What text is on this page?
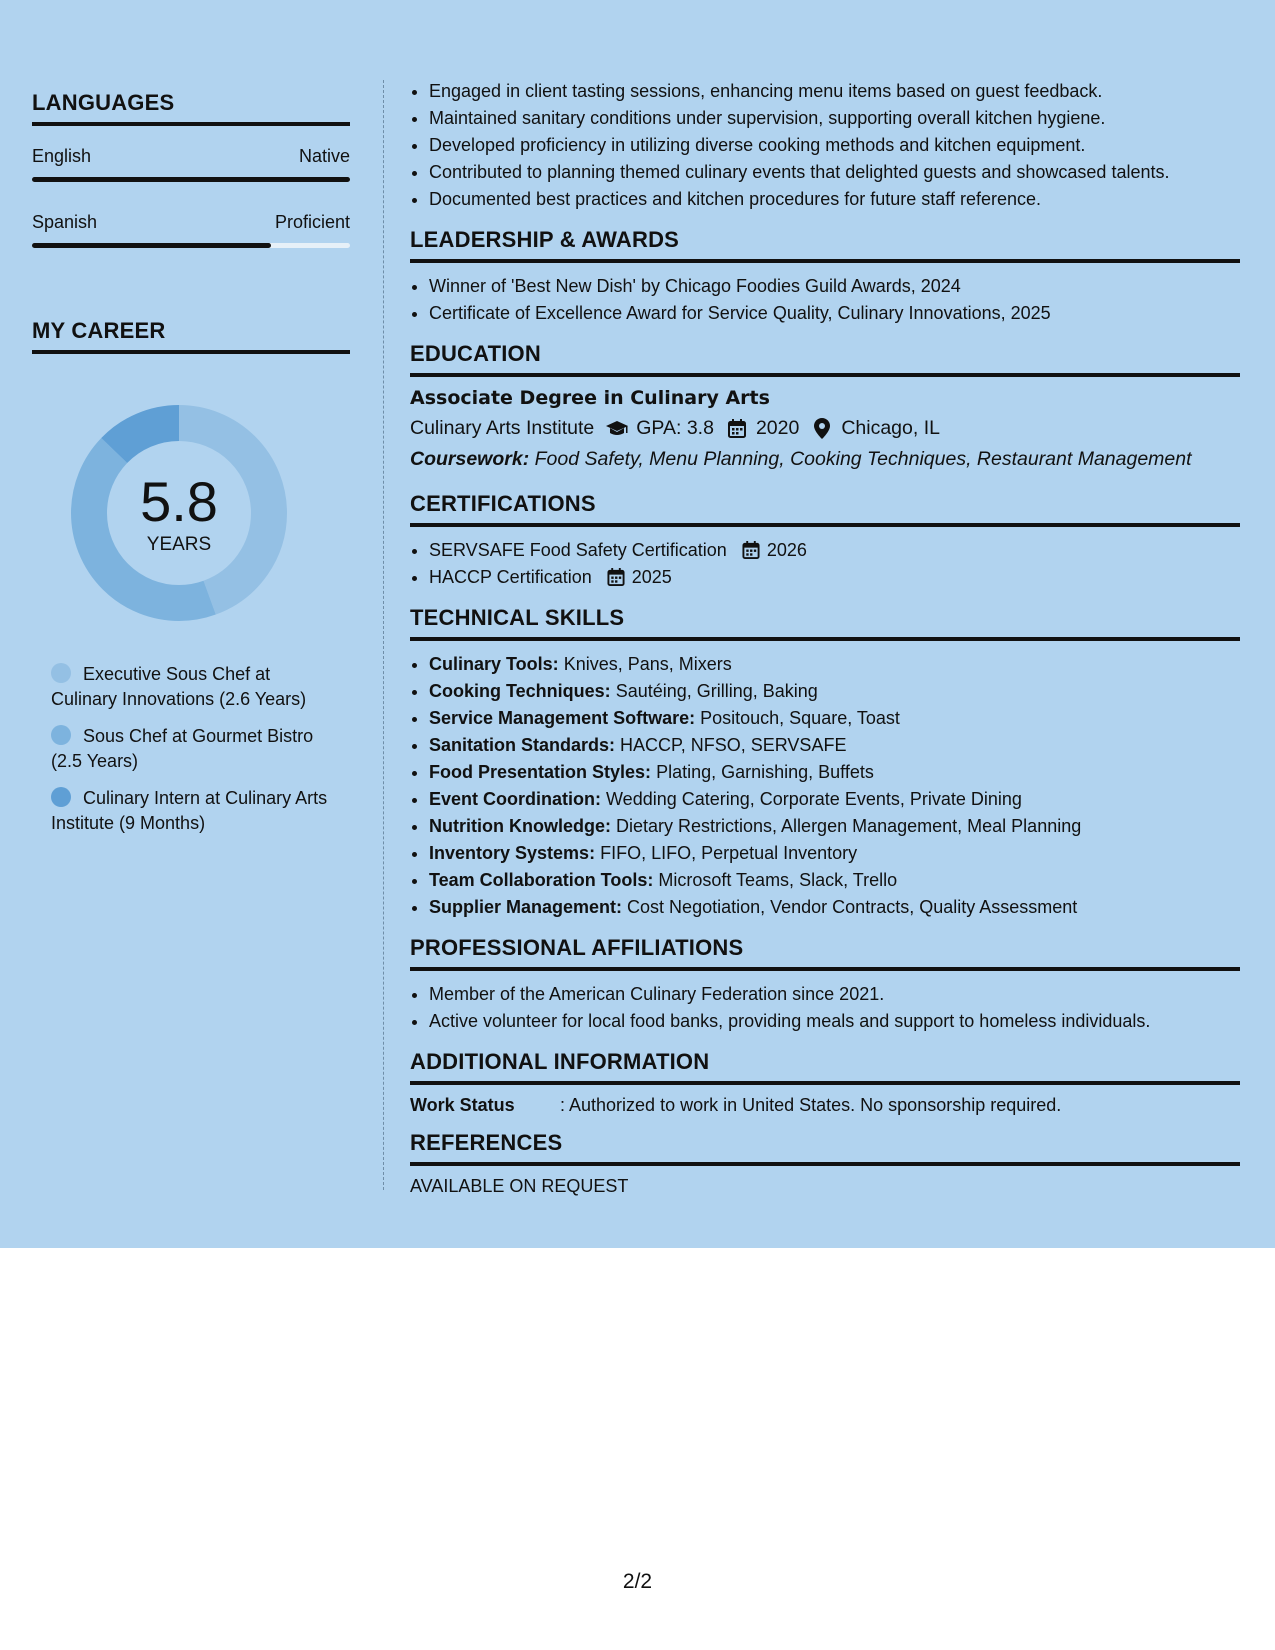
LANGUAGES
English	Native
Spanish	Proficient
MY CAREER
5.8
YEARS
Executive Sous Chef at Culinary Innovations (2.6 Years)
Sous Chef at Gourmet Bistro (2.5 Years)
Culinary Intern at Culinary Arts Institute (9 Months)
• Engaged in client tasting sessions, enhancing menu items based on guest feedback.
• Maintained sanitary conditions under supervision, supporting overall kitchen hygiene.
• Developed proficiency in utilizing diverse cooking methods and kitchen equipment.
• Contributed to planning themed culinary events that delighted guests and showcased talents.
• Documented best practices and kitchen procedures for future staff reference.
LEADERSHIP & AWARDS
• Winner of 'Best New Dish' by Chicago Foodies Guild Awards, 2024
• Certificate of Excellence Award for Service Quality, Culinary Innovations, 2025
EDUCATION
Associate Degree in Culinary Arts
Culinary Arts Institute GPA: 3.8 2020 Chicago, IL
Coursework: Food Safety, Menu Planning, Cooking Techniques, Restaurant Management
CERTIFICATIONS
• SERVSAFE Food Safety Certification 2026
• HACCP Certification 2025
TECHNICAL SKILLS
• Culinary Tools: Knives, Pans, Mixers
• Cooking Techniques: Sautéing, Grilling, Baking
• Service Management Software: Positouch, Square, Toast
• Sanitation Standards: HACCP, NFSO, SERVSAFE
• Food Presentation Styles: Plating, Garnishing, Buffets
• Event Coordination: Wedding Catering, Corporate Events, Private Dining
• Nutrition Knowledge: Dietary Restrictions, Allergen Management, Meal Planning
• Inventory Systems: FIFO, LIFO, Perpetual Inventory
• Team Collaboration Tools: Microsoft Teams, Slack, Trello
• Supplier Management: Cost Negotiation, Vendor Contracts, Quality Assessment
PROFESSIONAL AFFILIATIONS
• Member of the American Culinary Federation since 2021.
• Active volunteer for local food banks, providing meals and support to homeless individuals.
ADDITIONAL INFORMATION
Work Status	: Authorized to work in United States. No sponsorship required.
REFERENCES
AVAILABLE ON REQUEST
2/2
